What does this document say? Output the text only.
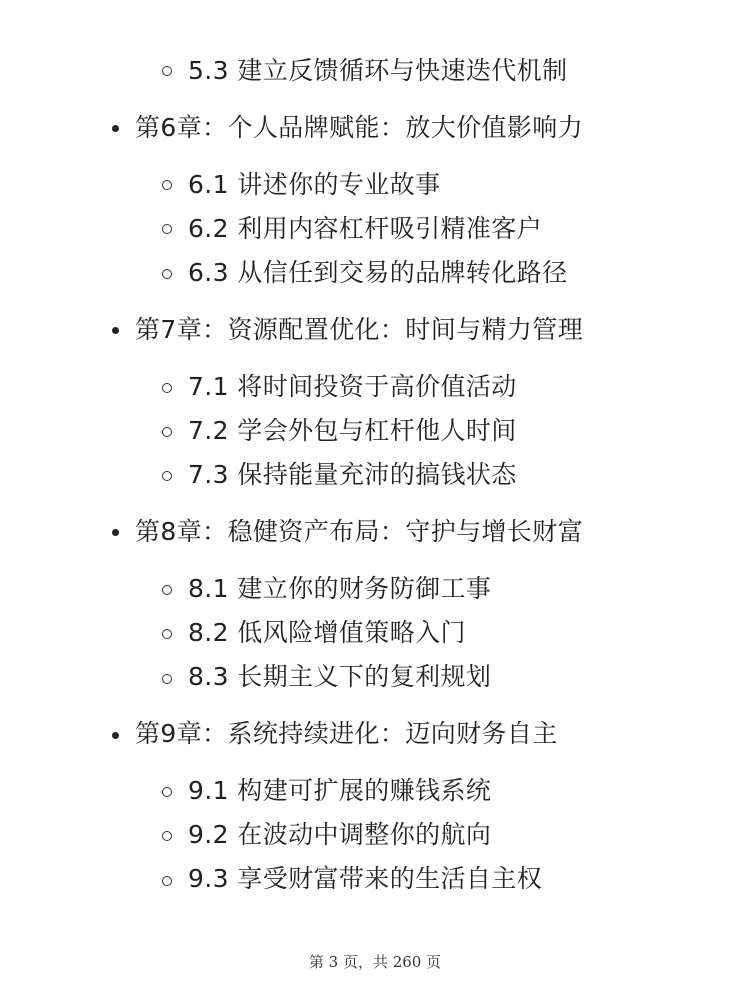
5.3 建立反馈循环与快速迭代机制
第6章：个人品牌赋能：放大价值影响力
6.1 讲述你的专业故事
6.2 利用内容杠杆吸引精准客户
6.3 从信任到交易的品牌转化路径
第7章：资源配置优化：时间与精力管理
7.1 将时间投资于高价值活动
7.2 学会外包与杠杆他人时间
7.3 保持能量充沛的搞钱状态
第8章：稳健资产布局：守护与增长财富
8.1 建立你的财务防御工事
8.2 低风险增值策略入门
8.3 长期主义下的复利规划
第9章：系统持续进化：迈向财务自主
9.1 构建可扩展的赚钱系统
9.2 在波动中调整你的航向
9.3 享受财富带来的生活自主权
第 3 页，共 260 页
